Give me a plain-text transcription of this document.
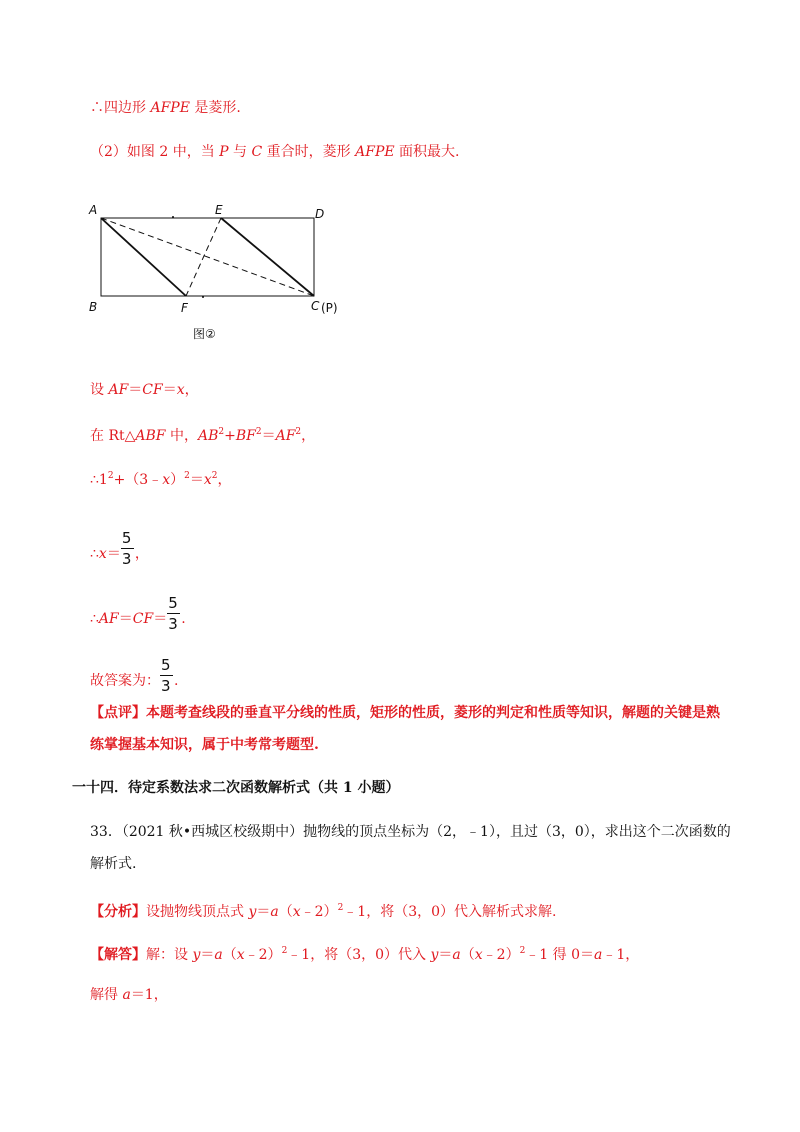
∴四边形 AFPE 是菱形.
（2）如图 2 中，当 P 与 C 重合时，菱形 AFPE 面积最大.
A	E	D
B	F	C (P)
图②
设 AF＝CF＝x，
在 Rt△ABF 中，$AB^2+BF^2=AF^2$，
$\therefore 1^2+(3﹣x)^2=x^2$，
∴x＝ $\frac{5}{3}$ ，
∴AF＝CF＝ $\frac{5}{3}$ .
故答案为： $\frac{5}{3}$ .
【点评】本题考查线段的垂直平分线的性质，矩形的性质，菱形的判定和性质等知识，解题的关键是熟
练掌握基本知识，属于中考常考题型.
一十四．待定系数法求二次函数解析式（共 1 小题）
33．（2021 秋•西城区校级期中）抛物线的顶点坐标为（2，﹣1），且过（3，0），求出这个二次函数的
解析式.
【分析】设抛物线顶点式 y＝a（x﹣2）$^2$﹣1，将（3，0）代入解析式求解.
【解答】解：设 y＝a（x﹣2）$^2$﹣1，将（3，0）代入 y＝a（x﹣2）$^2$﹣1 得 0＝a﹣1，
解得 a＝1，
